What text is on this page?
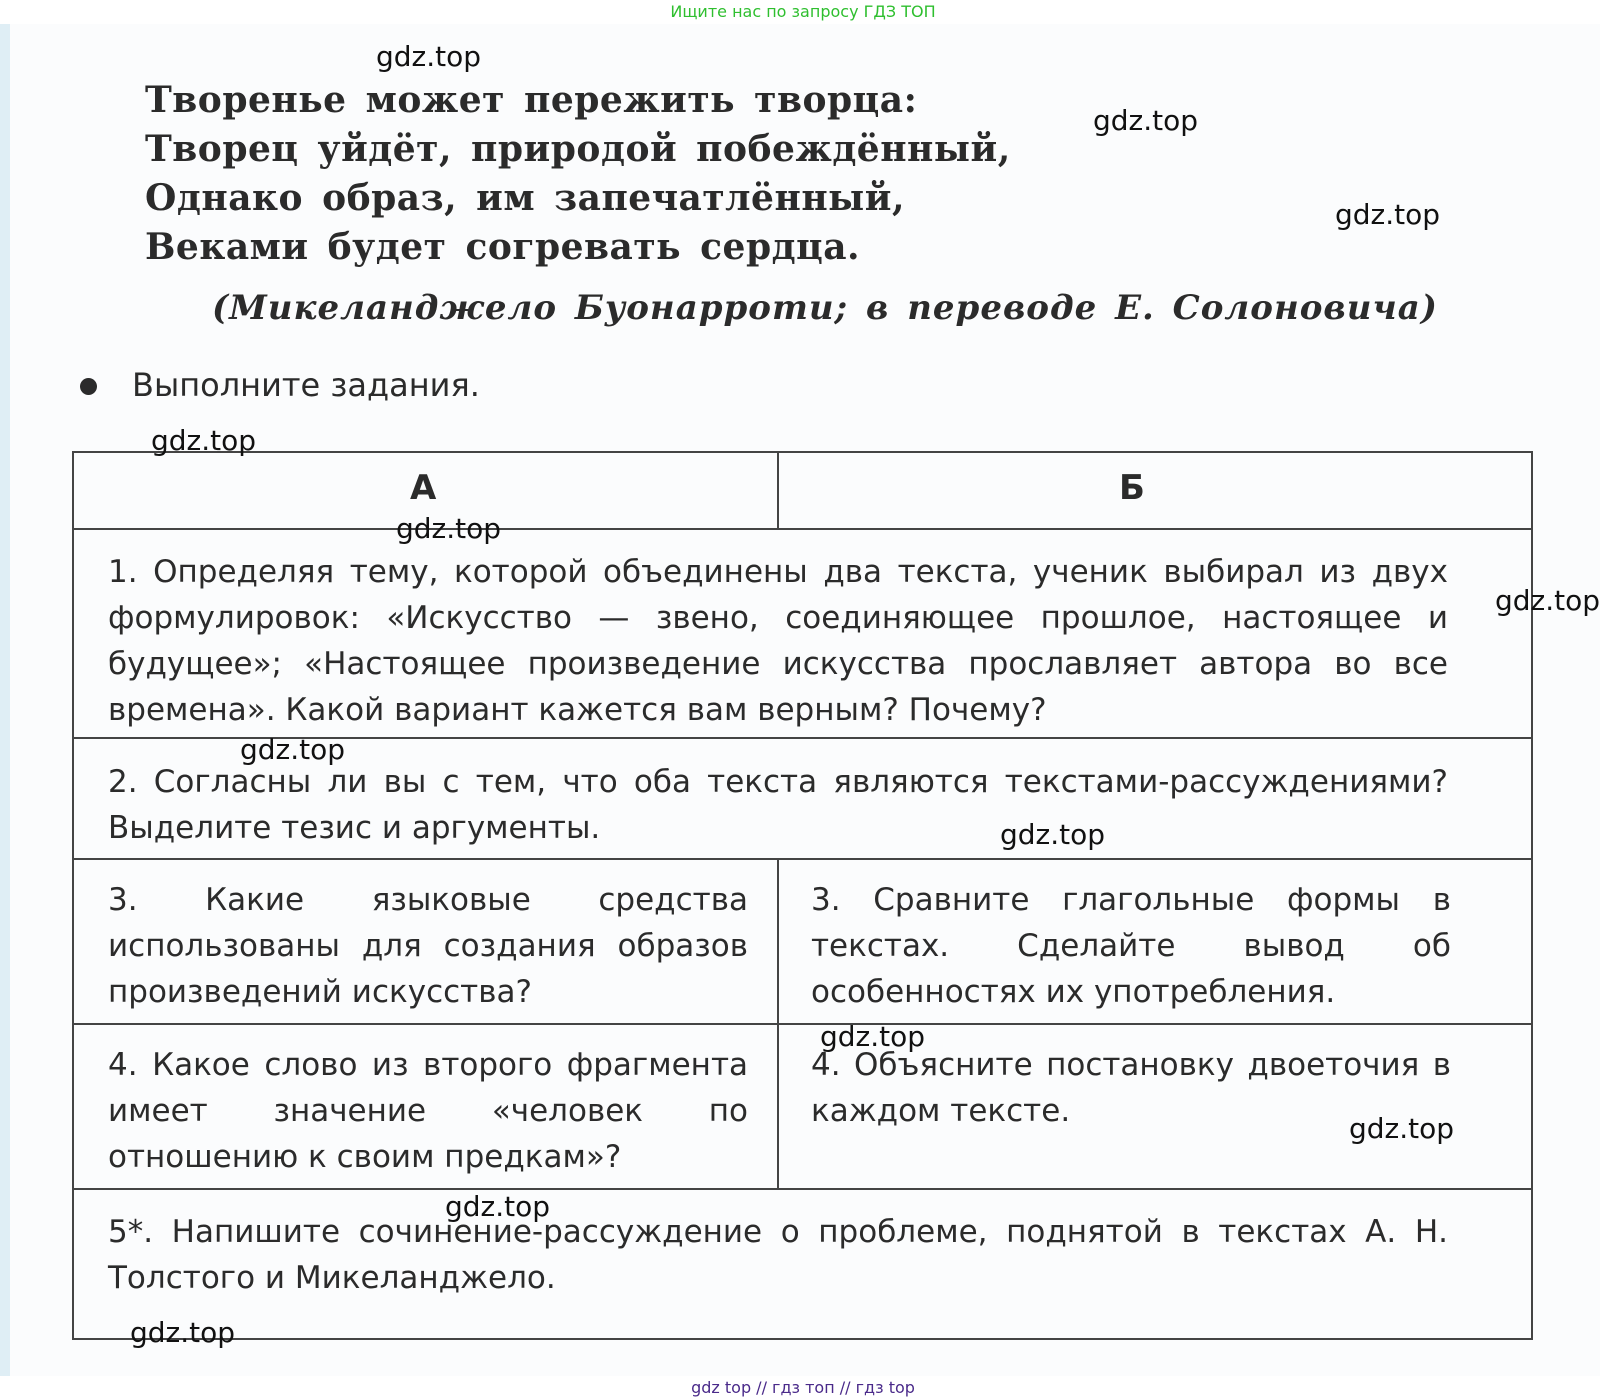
Ищите нас по запросу ГДЗ ТОП
Творенье может пережить творца:
Творец уйдёт, природой побеждённый,
Однако образ, им запечатлённый,
Веками будет согревать сердца.
(Микеланджело Буонарроти; в переводе Е. Солоновича)
Выполните задания.
А	Б
1. Определяя тему, которой объединены два текста, ученик выбирал из двух формулировок: «Искусство — звено, соединяющее прошлое, настоящее и будущее»; «Настоящее произведение искусства прославляет автора во все времена». Какой вариант кажется вам верным? Почему?
2. Согласны ли вы с тем, что оба текста являются текстами-рассуждениями? Выделите тезис и аргументы.
3. Какие языковые средства использованы для создания образов произведений искусства?
3. Сравните глагольные формы в текстах. Сделайте вывод об особенностях их употребления.
4. Какое слово из второго фрагмента имеет значение «человек по отношению к своим предкам»?
4. Объясните постановку двоеточия в каждом тексте.
5*. Напишите сочинение-рассуждение о проблеме, поднятой в текстах А. Н. Толстого и Микеланджело.
gdz.top
gdz.top
gdz.top
gdz.top
gdz.top
gdz.top
gdz.top
gdz.top
gdz.top
gdz.top
gdz.top
gdz.top
gdz top // гдз топ // гдз top
